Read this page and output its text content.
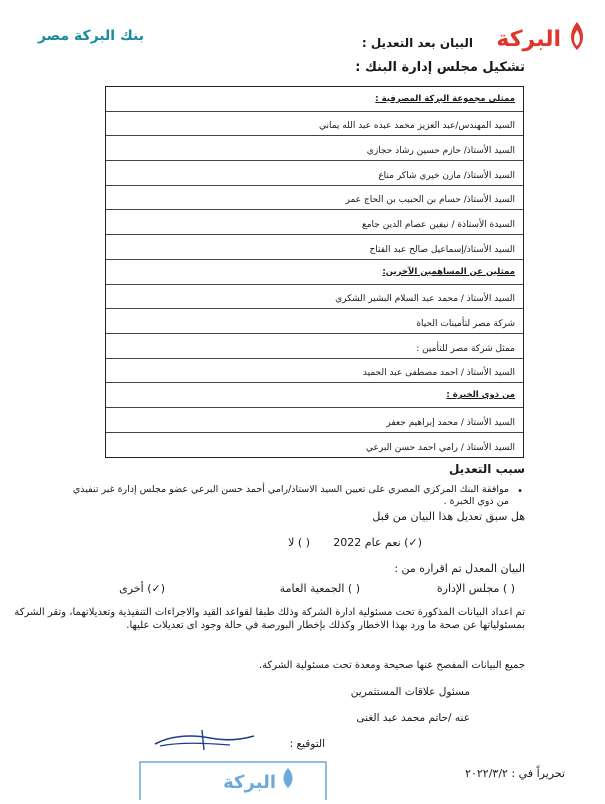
البركة
بنك البركة مصر	البيان بعد التعديل :
تشكيل مجلس إدارة البنك :
ممثلي مجموعة البركة المصرفية :
السيد المهندس/عبد العزيز محمد عبده عبد الله يماني
السيد الأستاذ/ حازم حسين رشاد حجازي
السيد الأستاذ/ مازن خيري شاكر مناع
السيد الأستاذ/ حسام بن الحبيب بن الحاج عمر
السيدة الأستاذة / نيفين عصام الدين جامع
السيد الأستاذ/إسماعيل صالح عبد الفتاح
ممثلين عن المساهمين الآخرين:
السيد الأستاذ / محمد عبد السلام البشير الشكري
شركة مصر لتأمينات الحياة
ممثل شركة مصر للتأمين :
السيد الأستاذ / احمد مصطفى عبد الحميد
من ذوي الخبرة :
السيد الأستاذ / محمد إبراهيم جعفر
السيد الأستاذ / رامي احمد حسن البرعي
سبب التعديل
•
موافقة البنك المركزي المصري على تعيين السيد الاستاذ/رامي أحمد حسن البرعي عضو مجلس إدارة غير تنفيذي من ذوي الخبرة .
هل سبق تعديل هذا البيان من قبل
(✓) نعم عام 2022
( ) لا
البيان المعدل تم اقراره من :
( ) مجلس الإدارة
( ) الجمعية العامة
(✓) أخرى
تم اعداد البيانات المذكورة تحت مسئولية ادارة الشركة وذلك طبقا لقواعد القيد والاجراءات التنفيذية وتعديلاتهما، وتقر الشركة بمسئولياتها عن صحة ما ورد بهذا الاخطار وكذلك بإخطار البورصة في حالة وجود اى تعديلات عليها.
جميع البيانات المفصح عنها صحيحة ومعدة تحت مسئولية الشركة.
مسئول علاقات المستثمرين
عنه /حاتم محمد عبد الغنى
التوقيع :
البركة	تحريراً في : ٢٠٢٢/٣/٢
